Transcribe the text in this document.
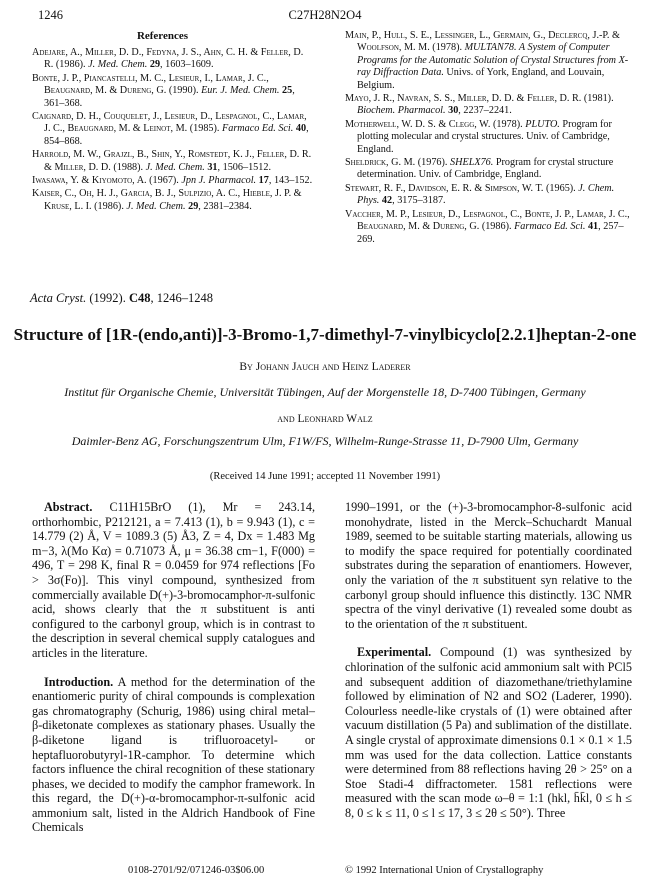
1246	C27H28N2O4
References
Adejare, A., Miller, D. D., Fedyna, J. S., Ahn, C. H. & Feller, D. R. (1986). J. Med. Chem. 29, 1603–1609.
Bonte, J. P., Piancastelli, M. C., Lesieur, I., Lamar, J. C., Beaugnard, M. & Dureng, G. (1990). Eur. J. Med. Chem. 25, 361–368.
Caignard, D. H., Couquelet, J., Lesieur, D., Lespagnol, C., Lamar, J. C., Beaugnard, M. & Leinot, M. (1985). Farmaco Ed. Sci. 40, 854–868.
Harrold, M. W., Grajzl, B., Shin, Y., Romstedt, K. J., Feller, D. R. & Miller, D. D. (1988). J. Med. Chem. 31, 1506–1512.
Iwasawa, Y. & Kiyomoto, A. (1967). Jpn J. Pharmacol. 17, 143–152.
Kaiser, C., Oh, H. J., Garcia, B. J., Sulpizio, A. C., Hieble, J. P. & Kruse, L. I. (1986). J. Med. Chem. 29, 2381–2384.
Main, P., Hull, S. E., Lessinger, L., Germain, G., Declercq, J.-P. & Woolfson, M. M. (1978). MULTAN78. A System of Computer Programs for the Automatic Solution of Crystal Structures from X-ray Diffraction Data. Univs. of York, England, and Louvain, Belgium.
Mayo, J. R., Navran, S. S., Miller, D. D. & Feller, D. R. (1981). Biochem. Pharmacol. 30, 2237–2241.
Motherwell, W. D. S. & Clegg, W. (1978). PLUTO. Program for plotting molecular and crystal structures. Univ. of Cambridge, England.
Sheldrick, G. M. (1976). SHELX76. Program for crystal structure determination. Univ. of Cambridge, England.
Stewart, R. F., Davidson, E. R. & Simpson, W. T. (1965). J. Chem. Phys. 42, 3175–3187.
Vaccher, M. P., Lesieur, D., Lespagnol, C., Bonte, J. P., Lamar, J. C., Beaugnard, M. & Dureng, G. (1986). Farmaco Ed. Sci. 41, 257–269.
Acta Cryst. (1992). C48, 1246–1248
Structure of [1R-(endo,anti)]-3-Bromo-1,7-dimethyl-7-vinylbicyclo[2.2.1]heptan-2-one
By Johann Jauch and Heinz Laderer
Institut für Organische Chemie, Universität Tübingen, Auf der Morgenstelle 18, D-7400 Tübingen, Germany
and Leonhard Walz
Daimler-Benz AG, Forschungszentrum Ulm, F1W/FS, Wilhelm-Runge-Strasse 11, D-7900 Ulm, Germany
(Received 14 June 1991; accepted 11 November 1991)

Abstract. C11H15BrO (1), Mr = 243.14, orthorhombic, P212121, a = 7.413 (1), b = 9.943 (1), c = 14.779 (2) Å, V = 1089.3 (5) Å3, Z = 4, Dx = 1.483 Mg m−3, λ(Mo Kα) = 0.71073 Å, μ = 36.38 cm−1, F(000) = 496, T = 298 K, final R = 0.0459 for 974 reflections [Fo > 3σ(Fo)]. This vinyl compound, synthesized from commercially available D(+)-3-bromocamphor-π-sulfonic acid, shows clearly that the π substituent is anti configured to the carbonyl group, which is in contrast to the description in several chemical supply catalogues and articles in the literature.

Introduction. A method for the determination of the enantiomeric purity of chiral compounds is complexation gas chromatography (Schurig, 1986) using chiral metal–β-diketonate complexes as stationary phases. Usually the β-diketone ligand is trifluoroacetyl- or heptafluorobutyryl-1R-camphor. To determine which factors influence the chiral recognition of these stationary phases, we decided to modify the camphor framework. In this regard, the D(+)-α-bromocamphor-π-sulfonic acid ammonium salt, listed in the Aldrich Handbook of Fine Chemicals

1990–1991, or the (+)-3-bromocamphor-8-sulfonic acid monohydrate, listed in the Merck–Schuchardt Manual 1989, seemed to be suitable starting materials, allowing us to modify the space required for potentially coordinated substrates during the separation of enantiomers. However, only the variation of the π substituent syn relative to the carbonyl group should influence this distinctly. 13C NMR spectra of the vinyl derivative (1) revealed some doubt as to the orientation of the π substituent.

Experimental. Compound (1) was synthesized by chlorination of the sulfonic acid ammonium salt with PCl5 and subsequent addition of diazomethane/triethylamine followed by elimination of N2 and SO2 (Laderer, 1990). Colourless needle-like crystals of (1) were obtained after vacuum distillation (5 Pa) and sublimation of the distillate. A single crystal of approximate dimensions 0.1 × 0.1 × 1.5 mm was used for the data collection. Lattice constants were determined from 88 reflections having 2θ > 25° on a Stoe Stadi-4 diffractometer. 1581 reflections were measured with the scan mode ω–θ = 1:1 (hkl, h̄k̄l, 0 ≤ h ≤ 8, 0 ≤ k ≤ 11, 0 ≤ l ≤ 17, 3 ≤ 2θ ≤ 50°). Three

0108-2701/92/071246-03$06.00	© 1992 International Union of Crystallography
